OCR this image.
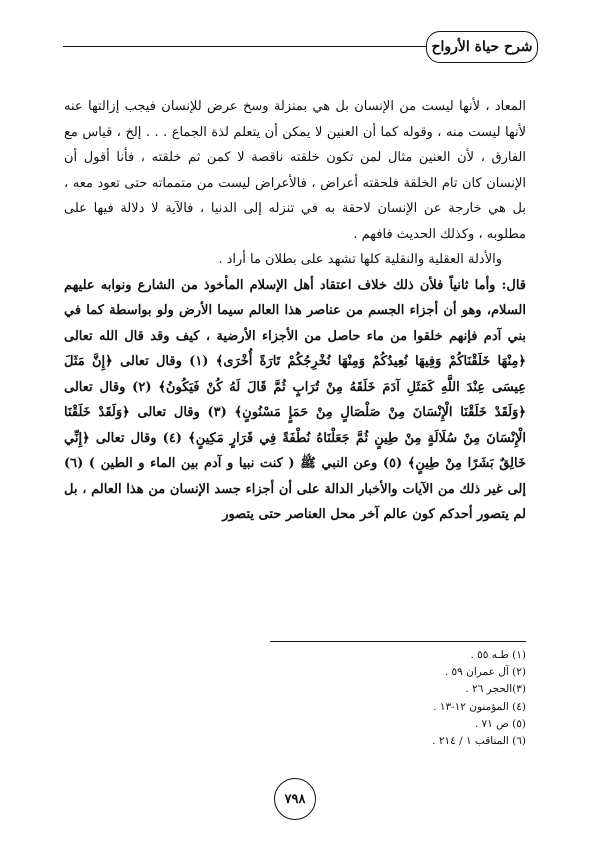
شرح حياة الأرواح

المعاد ، لأنها ليست من الإنسان بل هي بمنزلة وسخ عرض للإنسان فيجب إزالتها عنه لأنها ليست منه ، وقوله كما أن العنين لا يمكن أن يتعلم لذة الجماع . . . إلخ ، قياس مع الفارق ، لأن العنين مثال لمن تكون خلقته ناقصة لا كمن ثم خلقته ، فأنا أقول أن الإنسان كان تام الخلقة فلحقته أعراض ، فالأعراض ليست من متمماته حتى تعود معه ، بل هي خارجة عن الإنسان لاحقة به في تنزله إلى الدنيا ، فالآية لا دلالة فيها على مطلوبه ، وكذلك الحديث فافهم .

والأدلة العقلية والنقلية كلها تشهد على بطلان ما أراد .

قال: وأما ثانياً فلأن ذلك خلاف اعتقاد أهل الإسلام المأخوذ من الشارع ونوابه عليهم السلام، وهو أن أجزاء الجسم من عناصر هذا العالم سيما الأرض ولو بواسطة كما في بني آدم فإنهم خلقوا من ماء حاصل من الأجزاء الأرضية ، كيف وقد قال الله تعالى ﴿مِنْهَا خَلَقْنَاكُمْ وَفِيهَا نُعِيدُكُمْ وَمِنْهَا نُخْرِجُكُمْ تَارَةً أُخْرَى﴾ (١) وقال تعالى ﴿إِنَّ مَثَلَ عِيسَى عِنْدَ اللَّهِ كَمَثَلِ آدَمَ خَلَقَهُ مِنْ تُرَابٍ ثُمَّ قَالَ لَهُ كُنْ فَيَكُونُ﴾ (٢) وقال تعالى ﴿وَلَقَدْ خَلَقْنَا الْإِنْسَانَ مِنْ صَلْصَالٍ مِنْ حَمَإٍ مَسْنُونٍ﴾ (٣) وقال تعالى ﴿وَلَقَدْ خَلَقْنَا الْإِنْسَانَ مِنْ سُلَالَةٍ مِنْ طِينٍ ثُمَّ جَعَلْنَاهُ نُطْفَةً فِي قَرَارٍ مَكِينٍ﴾ (٤) وقال تعالى ﴿إِنِّي خَالِقٌ بَشَرًا مِنْ طِينٍ﴾ (٥) وعن النبي ﷺ ( كنت نبيا و آدم بين الماء و الطين ) (٦) إلى غير ذلك من الآيات والأخبار الدالة على أن أجزاء جسد الإنسان من هذا العالم ، بل لم يتصور أحدكم كون عالم آخر محل العناصر حتى يتصور

(١) طـه ٥٥ .
(٢) آل عمران ٥٩ .
(٣)الحجر ٢٦ .
(٤) المؤمنون ١٢-١٣ .
(٥) ص ٧١ .
(٦) المناقب ١ / ٢١٤ .
٧٩٨
